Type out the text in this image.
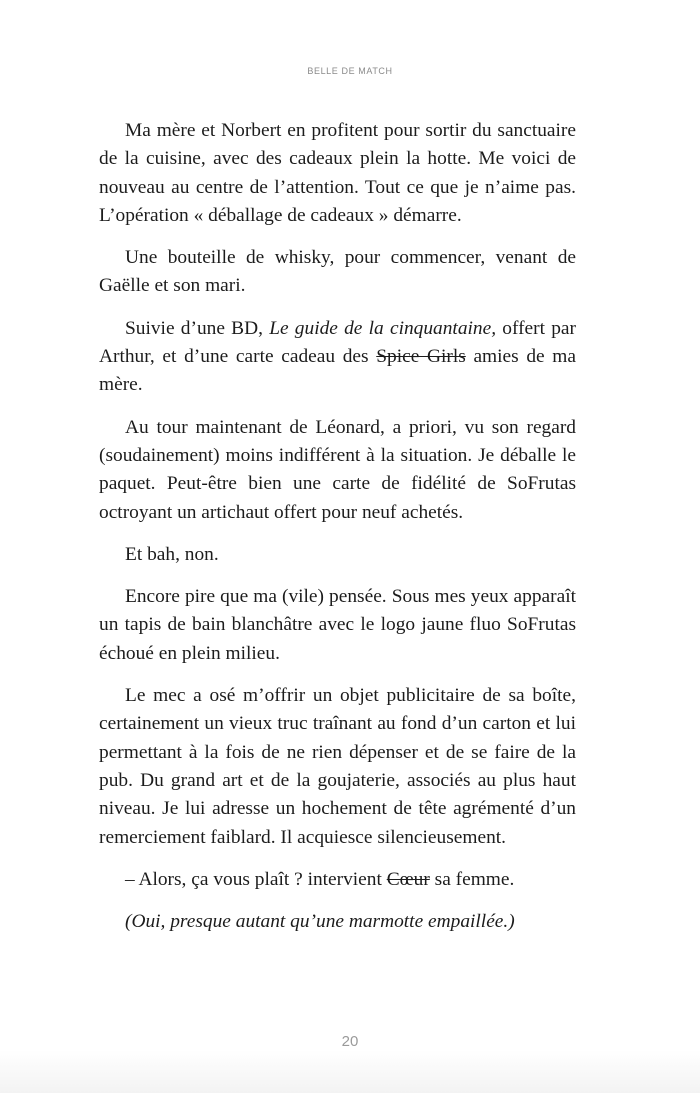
BELLE DE MATCH

Ma mère et Norbert en profitent pour sortir du sanctuaire de la cuisine, avec des cadeaux plein la hotte. Me voici de nouveau au centre de l’attention. Tout ce que je n’aime pas. L’opération « déballage de cadeaux » démarre.

Une bouteille de whisky, pour commencer, venant de Gaëlle et son mari.

Suivie d’une BD, Le guide de la cinquantaine, offert par Arthur, et d’une carte cadeau des Spice Girls amies de ma mère.

Au tour maintenant de Léonard, a priori, vu son regard (soudainement) moins indifférent à la situation. Je déballe le paquet. Peut-être bien une carte de fidélité de SoFrutas octroyant un artichaut offert pour neuf achetés.

Et bah, non.

Encore pire que ma (vile) pensée. Sous mes yeux apparaît un tapis de bain blanchâtre avec le logo jaune fluo SoFrutas échoué en plein milieu.

Le mec a osé m’offrir un objet publicitaire de sa boîte, certainement un vieux truc traînant au fond d’un carton et lui permettant à la fois de ne rien dépenser et de se faire de la pub. Du grand art et de la goujaterie, associés au plus haut niveau. Je lui adresse un hochement de tête agrémenté d’un remerciement faiblard. Il acquiesce silencieusement.

– Alors, ça vous plaît ? intervient Cœur sa femme.

(Oui, presque autant qu’une marmotte empaillée.)

20
